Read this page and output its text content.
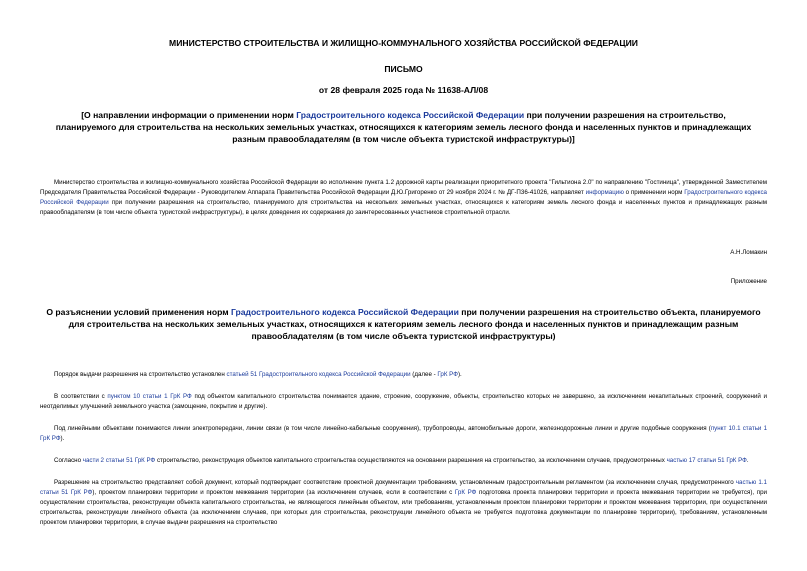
МИНИСТЕРСТВО СТРОИТЕЛЬСТВА И ЖИЛИЩНО-КОММУНАЛЬНОГО ХОЗЯЙСТВА РОССИЙСКОЙ ФЕДЕРАЦИИ

ПИСЬМО

от 28 февраля 2025 года № 11638-АЛ/08

[О направлении информации о применении норм Градостроительного кодекса Российской Федерации при получении разрешения на строительство, планируемого для строительства на нескольких земельных участках, относящихся к категориям земель лесного фонда и населенных пунктов и принадлежащих разным правообладателям (в том числе объекта туристской инфраструктуры)]

Министерство строительства и жилищно-коммунального хозяйства Российской Федерации во исполнение пункта 1.2 дорожной карты реализации приоритетного проекта "Гильтиона 2.0" по направлению "Гостиница", утвержденной Заместителем Председателя Правительства Российской Федерации - Руководителем Аппарата Правительства Российской Федерации Д.Ю.Григоренко от 29 ноября 2024 г. № ДГ-П36-41026, направляет информацию о применении норм Градостроительного кодекса Российской Федерации при получении разрешения на строительство, планируемого для строительства на нескольких земельных участках, относящихся к категориям земель лесного фонда и населенных пунктов и принадлежащих разным правообладателям (в том числе объекта туристской инфраструктуры), в целях доведения их содержания до заинтересованных участников строительной отрасли.

А.Н.Ломакин

Приложение

О разъяснении условий применения норм Градостроительного кодекса Российской Федерации при получении разрешения на строительство объекта, планируемого для строительства на нескольких земельных участках, относящихся к категориям земель лесного фонда и населенных пунктов и принадлежащим разным правообладателям (в том числе объекта туристской инфраструктуры)

Порядок выдачи разрешения на строительство установлен статьей 51 Градостроительного кодекса Российской Федерации (далее - ГрК РФ).

В соответствии с пунктом 10 статьи 1 ГрК РФ под объектом капитального строительства понимается здание, строение, сооружение, объекты, строительство которых не завершено, за исключением некапитальных строений, сооружений и неотделимых улучшений земельного участка (замощение, покрытие и другие).

Под линейными объектами понимаются линии электропередачи, линии связи (в том числе линейно-кабельные сооружения), трубопроводы, автомобильные дороги, железнодорожные линии и другие подобные сооружения (пункт 10.1 статьи 1 ГрК РФ).

Согласно части 2 статьи 51 ГрК РФ строительство, реконструкция объектов капитального строительства осуществляются на основании разрешения на строительство, за исключением случаев, предусмотренных частью 17 статьи 51 ГрК РФ.

Разрешение на строительство представляет собой документ, который подтверждает соответствие проектной документации требованиям, установленным градостроительным регламентом (за исключением случая, предусмотренного частью 1.1 статьи 51 ГрК РФ), проектом планировки территории и проектом межевания территории (за исключением случаев, если в соответствии с ГрК РФ подготовка проекта планировки территории и проекта межевания территории не требуется), при осуществлении строительства, реконструкции объекта капитального строительства, не являющегося линейным объектом, или требованиям, установленным проектом планировки территории и проектом межевания территории, при осуществлении строительства, реконструкции линейного объекта (за исключением случаев, при которых для строительства, реконструкции линейного объекта не требуется подготовка документации по планировке территории), требованиям, установленным проектом планировки территории, в случае выдачи разрешения на строительство
